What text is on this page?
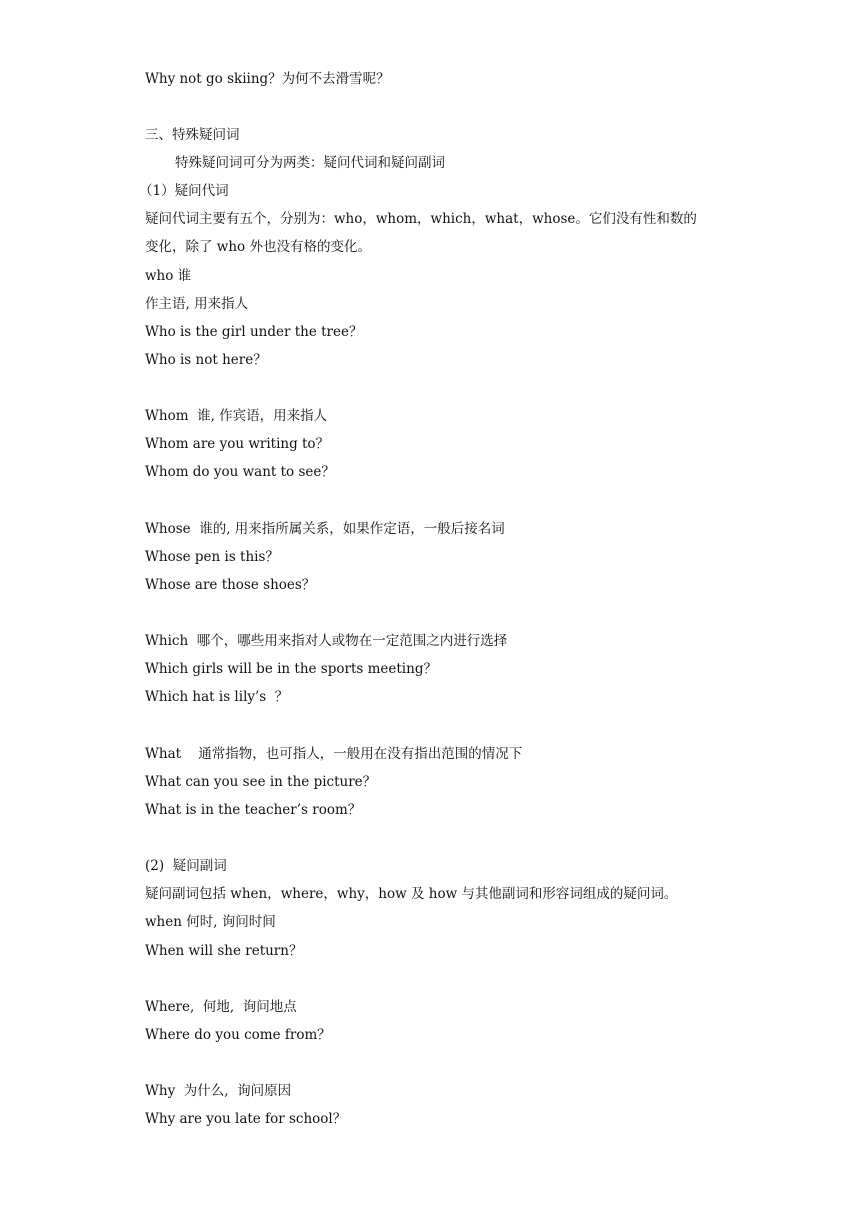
Why not go skiing？为何不去滑雪呢？
三、特殊疑问词
特殊疑问词可分为两类：疑问代词和疑问副词
（1）疑问代词
疑问代词主要有五个，分别为：who，whom，which，what，whose。它们没有性和数的
变化，除了 who 外也没有格的变化。
who 谁
作主语, 用来指人
Who is the girl under the tree？
Who is not here？
Whom  谁, 作宾语，用来指人
Whom are you writing to？
Whom do you want to see？
Whose  谁的, 用来指所属关系，如果作定语，一般后接名词
Whose pen is this？
Whose are those shoes？
Which  哪个，哪些用来指对人或物在一定范围之内进行选择
Which girls will be in the sports meeting？
Which hat is lily’s  ？
What    通常指物，也可指人，一般用在没有指出范围的情况下
What can you see in the picture？
What is in the teacher’s room？
(2)  疑问副词
疑问副词包括 when，where，why，how 及 how 与其他副词和形容词组成的疑问词。
when 何时, 询问时间
When will she return？
Where,  何地,  询问地点
Where do you come from？
Why  为什么,  询问原因
Why are you late for school？
